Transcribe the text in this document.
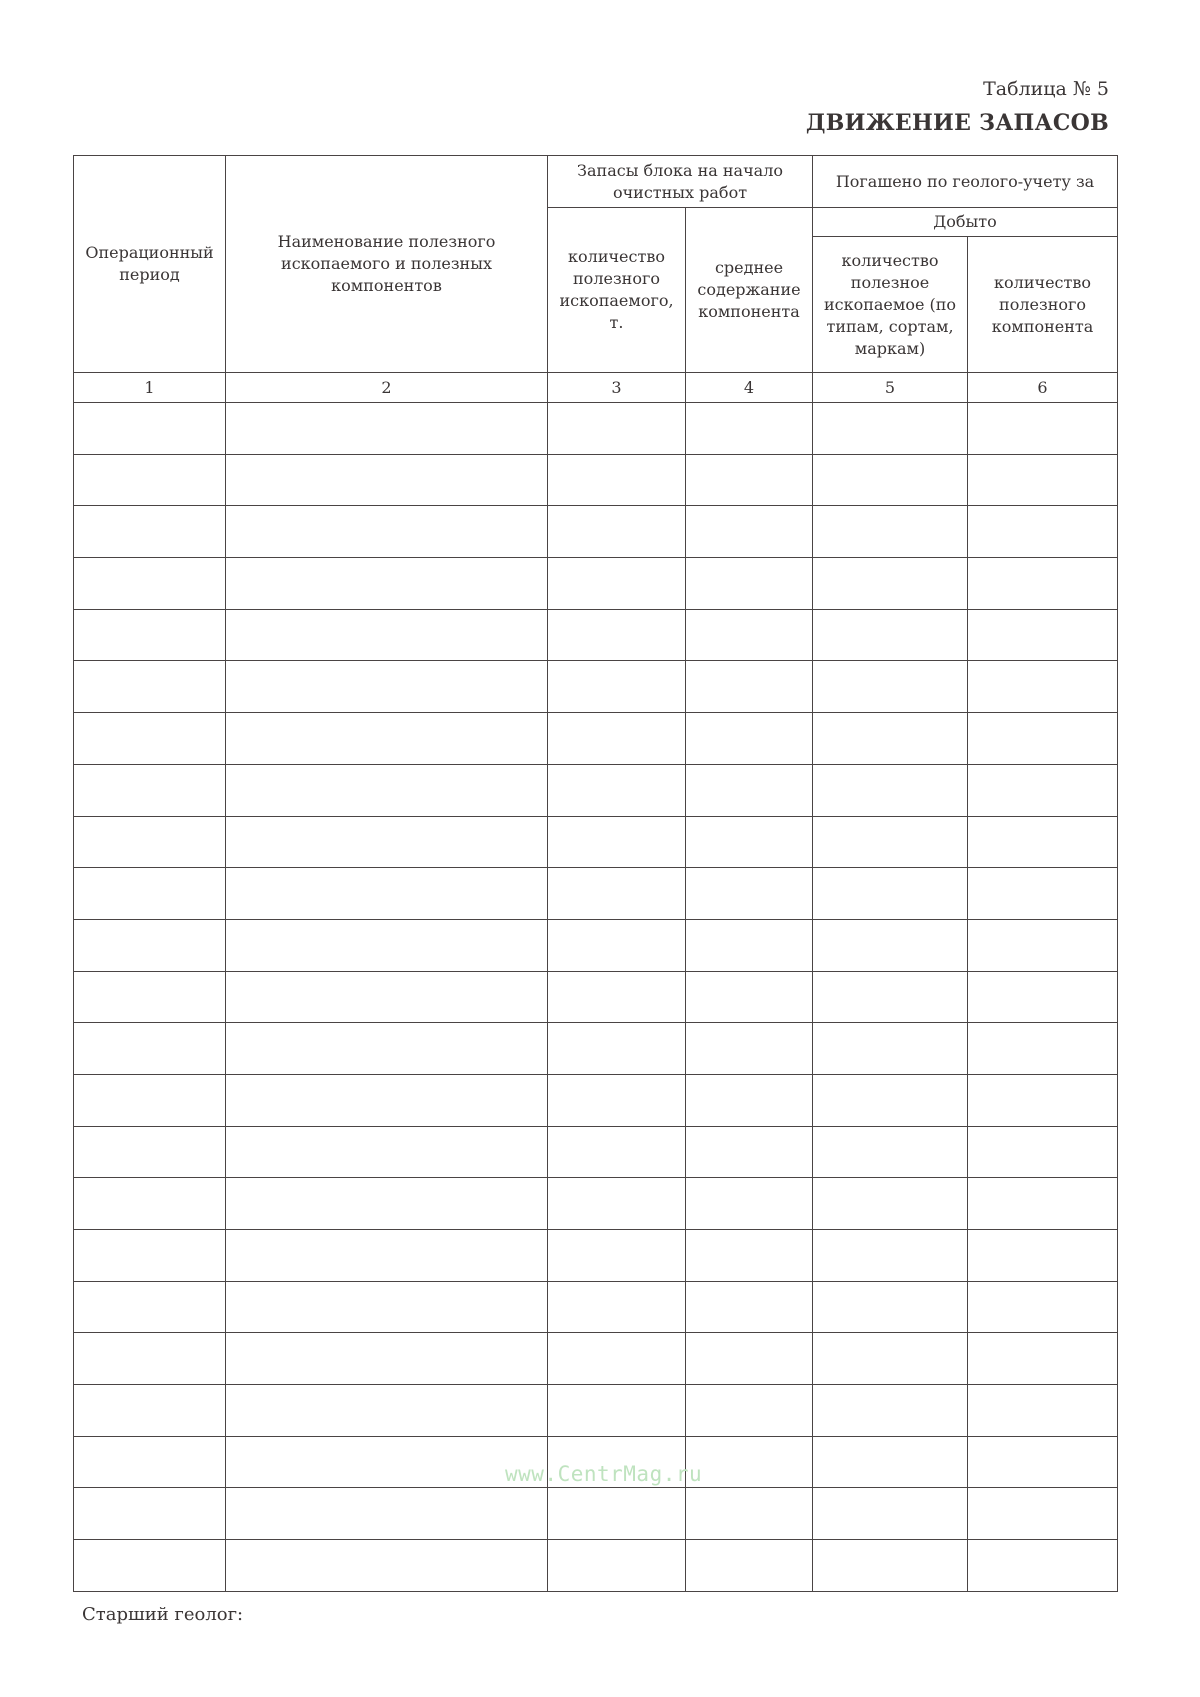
Таблица № 5
ДВИЖЕНИЕ ЗАПАСОВ
Операционный период	Наименование полезного ископаемого и полезных компонентов	Запасы блока на начало очистных работ		Погашено по геолого-учету за	
		количество полезного ископаемого, т.	среднее содержание компонента	Добыто	
				количество полезное ископаемое (по типам, сортам, маркам)	количество полезного компонента
1	2	3	4	5	6

Старший геолог:
www.CentrMag.ru
